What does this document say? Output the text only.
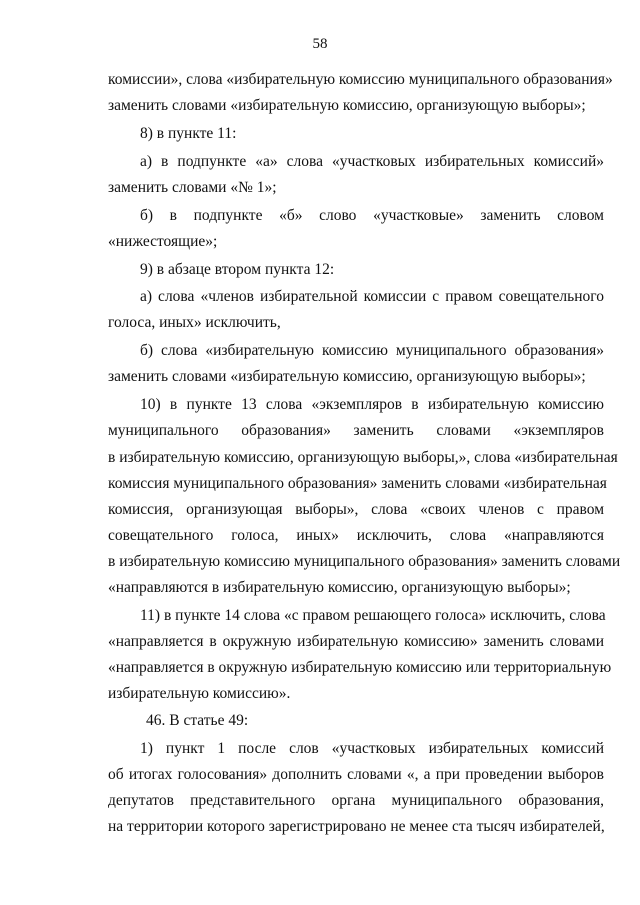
58
комиссии», слова «избирательную комиссию муниципального образования»
заменить словами «избирательную комиссию, организующую выборы»;
8) в пункте 11:
а) в подпункте «а» слова «участковых избирательных комиссий»
заменить словами «№ 1»;
б) в подпункте «б» слово «участковые» заменить словом
«нижестоящие»;
9) в абзаце втором пункта 12:
а) слова «членов избирательной комиссии с правом совещательного
голоса, иных» исключить,
б) слова «избирательную комиссию муниципального образования»
заменить словами «избирательную комиссию, организующую выборы»;
10) в пункте 13 слова «экземпляров в избирательную комиссию
муниципального образования» заменить словами «экземпляров
в избирательную комиссию, организующую выборы,», слова «избирательная
комиссия муниципального образования» заменить словами «избирательная
комиссия, организующая выборы», слова «своих членов с правом
совещательного голоса, иных» исключить, слова «направляются
в избирательную комиссию муниципального образования» заменить словами
«направляются в избирательную комиссию, организующую выборы»;
11) в пункте 14 слова «с правом решающего голоса» исключить, слова
«направляется в окружную избирательную комиссию» заменить словами
«направляется в окружную избирательную комиссию или территориальную
избирательную комиссию».
46. В статье 49:
1) пункт 1 после слов «участковых избирательных комиссий
об итогах голосования» дополнить словами «, а при проведении выборов
депутатов представительного органа муниципального образования,
на территории которого зарегистрировано не менее ста тысяч избирателей,
